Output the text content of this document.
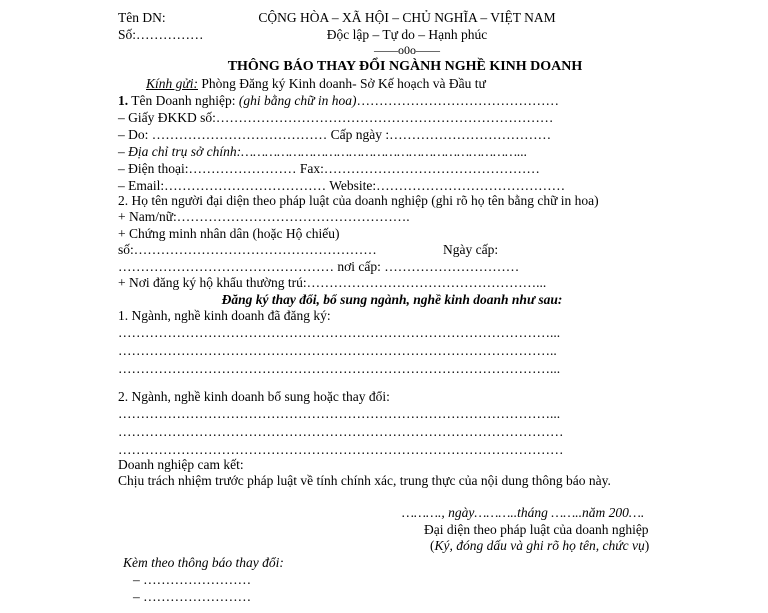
Tên DN:
Số:……………
CỘNG HÒA – XÃ HỘI – CHỦ NGHĨA – VIỆT NAM
Độc lập – Tự do – Hạnh phúc
——o0o——
THÔNG BÁO THAY ĐỔI NGÀNH NGHỀ KINH DOANH
Kính gửi: Phòng Đăng ký Kinh doanh- Sở Kế hoạch và Đầu tư
1. Tên Doanh nghiệp: (ghi bằng chữ in hoa)………………………………………
– Giấy ĐKKD số:…………………………………………………………………
– Do: ………………………………… Cấp ngày :………………………………
– Địa chỉ trụ sở chính:……………………………………………………………...
– Điện thoại:…………………… Fax:…………………………………………
– Email:……………………………… Website:……………………………………
2. Họ tên người đại diện theo pháp luật của doanh nghiệp (ghi rõ họ tên bằng chữ in hoa)
+ Nam/nữ:…………………………………………….
+ Chứng minh nhân dân (hoặc Hộ chiếu)
số:………………………………………………	Ngày cấp:
………………………………………… nơi cấp: …………………………
+ Nơi đăng ký hộ khẩu thường trú:……………………………………………...
Đăng ký thay đổi, bổ sung ngành, nghề kinh doanh như sau:
1. Ngành, nghề kinh doanh đã đăng ký:
……………………………………………………………………………………...
……………………………………………………………………………………..
……………………………………………………………………………………...
2. Ngành, nghề kinh doanh bổ sung hoặc thay đổi:
……………………………………………………………………………………...
………………………………………………………………………………………
………………………………………………………………………………………
Doanh nghiệp cam kết:
Chịu trách nhiệm trước pháp luật về tính chính xác, trung thực của nội dung thông báo này.
………., ngày………..tháng ……..năm 200….
Đại diện theo pháp luật của doanh nghiệp
(Ký, đóng dấu và ghi rõ họ tên, chức vụ)
Kèm theo thông báo thay đổi:
– ……………………
– ……………………
